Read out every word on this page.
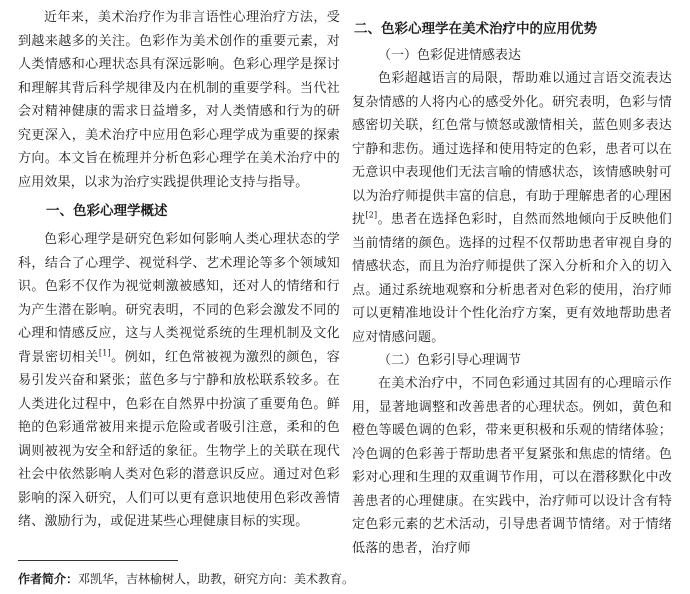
近年来，美术治疗作为非言语性心理治疗方法，受到越来越多的关注。色彩作为美术创作的重要元素，对人类情感和心理状态具有深远影响。色彩心理学是探讨和理解其背后科学规律及内在机制的重要学科。当代社会对精神健康的需求日益增多，对人类情感和行为的研究更深入，美术治疗中应用色彩心理学成为重要的探索方向。本文旨在梳理并分析色彩心理学在美术治疗中的应用效果，以求为治疗实践提供理论支持与指导。

一、色彩心理学概述

色彩心理学是研究色彩如何影响人类心理状态的学科，结合了心理学、视觉科学、艺术理论等多个领域知识。色彩不仅作为视觉刺激被感知，还对人的情绪和行为产生潜在影响。研究表明，不同的色彩会激发不同的心理和情感反应，这与人类视觉系统的生理机制及文化背景密切相关[1]。例如，红色常被视为激烈的颜色，容易引发兴奋和紧张；蓝色多与宁静和放松联系较多。在人类进化过程中，色彩在自然界中扮演了重要角色。鲜艳的色彩通常被用来提示危险或者吸引注意，柔和的色调则被视为安全和舒适的象征。生物学上的关联在现代社会中依然影响人类对色彩的潜意识反应。通过对色彩影响的深入研究，人们可以更有意识地使用色彩改善情绪、激励行为，或促进某些心理健康目标的实现。

二、色彩心理学在美术治疗中的应用优势
（一）色彩促进情感表达

色彩超越语言的局限，帮助难以通过言语交流表达复杂情感的人将内心的感受外化。研究表明，色彩与情感密切关联，红色常与愤怒或激情相关，蓝色则多表达宁静和悲伤。通过选择和使用特定的色彩，患者可以在无意识中表现他们无法言喻的情感状态，该情感映射可以为治疗师提供丰富的信息，有助于理解患者的心理困扰[2]。患者在选择色彩时，自然而然地倾向于反映他们当前情绪的颜色。选择的过程不仅帮助患者审视自身的情感状态，而且为治疗师提供了深入分析和介入的切入点。通过系统地观察和分析患者对色彩的使用，治疗师可以更精准地设计个性化治疗方案，更有效地帮助患者应对情感问题。

（二）色彩引导心理调节

在美术治疗中，不同色彩通过其固有的心理暗示作用，显著地调整和改善患者的心理状态。例如，黄色和橙色等暖色调的色彩，带来更积极和乐观的情绪体验；冷色调的色彩善于帮助患者平复紧张和焦虑的情绪。色彩对心理和生理的双重调节作用，可以在潜移默化中改善患者的心理健康。在实践中，治疗师可以设计含有特定色彩元素的艺术活动，引导患者调节情绪。对于情绪低落的患者，治疗师

作者简介：邓凯华，吉林榆树人，助教，研究方向：美术教育。
